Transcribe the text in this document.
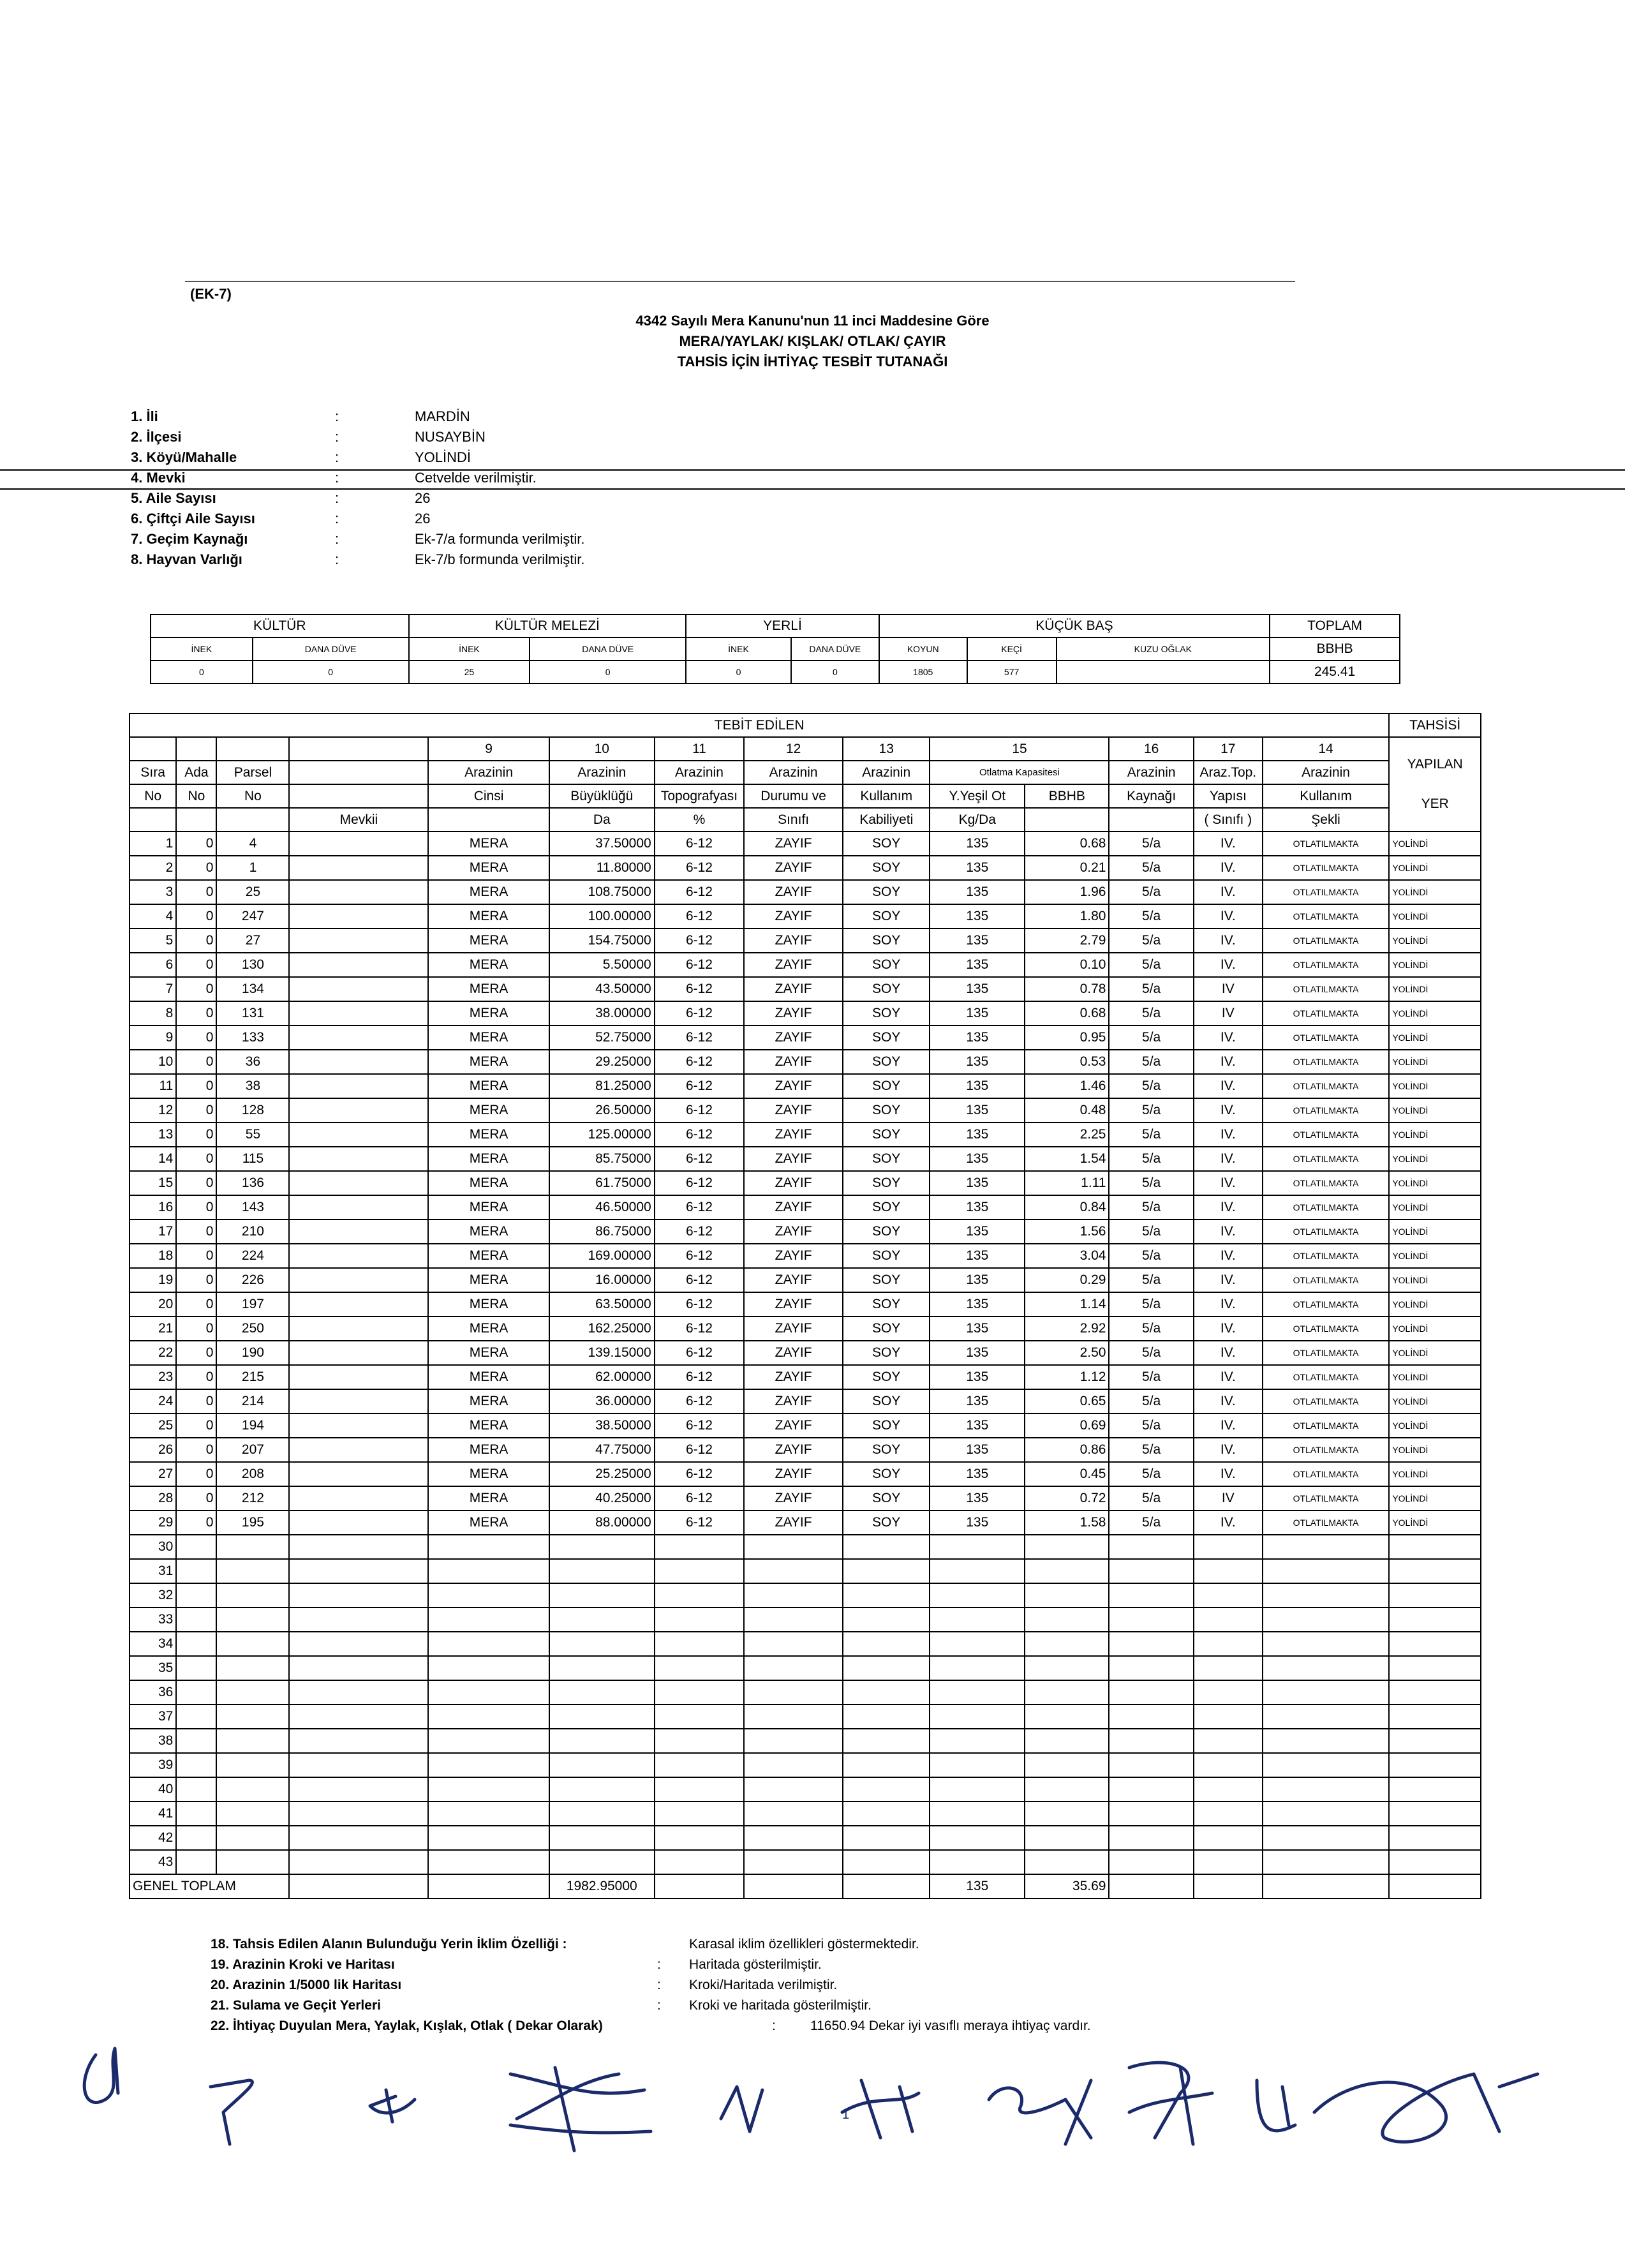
(EK-7)
4342 Sayılı Mera Kanunu'nun 11 inci Maddesine Göre
MERA/YAYLAK/ KIŞLAK/ OTLAK/ ÇAYIR
TAHSİS İÇİN İHTİYAÇ TESBİT TUTANAĞI
1. İli	:	MARDİN
2. İlçesi	:	NUSAYBİN
3. Köyü/Mahalle	:	YOLİNDİ
4. Mevki	:	Cetvelde verilmiştir.
5. Aile Sayısı	:	26
6. Çiftçi Aile Sayısı	:	26
7. Geçim Kaynağı	:	Ek-7/a formunda verilmiştir.
8. Hayvan Varlığı	:	Ek-7/b formunda verilmiştir.
KÜLTÜR		KÜLTÜR MELEZİ		YERLİ		KÜÇÜK BAŞ			TOPLAM
İNEK	DANA DÜVE	İNEK	DANA DÜVE	İNEK	DANA DÜVE	KOYUN	KEÇİ	KUZU OĞLAK	BBHB
0	0	25	0	0	0	1805	577		245.41
TEBİT EDİLEN														TAHSİSİ
				9	10	11	12	13	15		16	17	14	YAPILAN

YER

Sıra	Ada	Parsel		Arazinin	Arazinin	Arazinin	Arazinin	Arazinin	Otlatma Kapasitesi		Arazinin	Araz.Top.	Arazinin	
No	No	No		Cinsi	Büyüklüğü	Topografyası	Durumu ve	Kullanım	Y.Yeşil Ot	BBHB	Kaynağı	Yapısı	Kullanım	
			Mevkii		Da	%	Sınıfı	Kabiliyeti	Kg/Da			( Sınıfı )	Şekli	
1	0	4		MERA	37.50000	6-12	ZAYIF	SOY	135	0.68	5/a	IV.	OTLATILMAKTA	YOLİNDİ
2	0	1		MERA	11.80000	6-12	ZAYIF	SOY	135	0.21	5/a	IV.	OTLATILMAKTA	YOLİNDİ
3	0	25		MERA	108.75000	6-12	ZAYIF	SOY	135	1.96	5/a	IV.	OTLATILMAKTA	YOLİNDİ
4	0	247		MERA	100.00000	6-12	ZAYIF	SOY	135	1.80	5/a	IV.	OTLATILMAKTA	YOLİNDİ
5	0	27		MERA	154.75000	6-12	ZAYIF	SOY	135	2.79	5/a	IV.	OTLATILMAKTA	YOLİNDİ
6	0	130		MERA	5.50000	6-12	ZAYIF	SOY	135	0.10	5/a	IV.	OTLATILMAKTA	YOLİNDİ
7	0	134		MERA	43.50000	6-12	ZAYIF	SOY	135	0.78	5/a	IV	OTLATILMAKTA	YOLİNDİ
8	0	131		MERA	38.00000	6-12	ZAYIF	SOY	135	0.68	5/a	IV	OTLATILMAKTA	YOLİNDİ
9	0	133		MERA	52.75000	6-12	ZAYIF	SOY	135	0.95	5/a	IV.	OTLATILMAKTA	YOLİNDİ
10	0	36		MERA	29.25000	6-12	ZAYIF	SOY	135	0.53	5/a	IV.	OTLATILMAKTA	YOLİNDİ
11	0	38		MERA	81.25000	6-12	ZAYIF	SOY	135	1.46	5/a	IV.	OTLATILMAKTA	YOLİNDİ
12	0	128		MERA	26.50000	6-12	ZAYIF	SOY	135	0.48	5/a	IV.	OTLATILMAKTA	YOLİNDİ
13	0	55		MERA	125.00000	6-12	ZAYIF	SOY	135	2.25	5/a	IV.	OTLATILMAKTA	YOLİNDİ
14	0	115		MERA	85.75000	6-12	ZAYIF	SOY	135	1.54	5/a	IV.	OTLATILMAKTA	YOLİNDİ
15	0	136		MERA	61.75000	6-12	ZAYIF	SOY	135	1.11	5/a	IV.	OTLATILMAKTA	YOLİNDİ
16	0	143		MERA	46.50000	6-12	ZAYIF	SOY	135	0.84	5/a	IV.	OTLATILMAKTA	YOLİNDİ
17	0	210		MERA	86.75000	6-12	ZAYIF	SOY	135	1.56	5/a	IV.	OTLATILMAKTA	YOLİNDİ
18	0	224		MERA	169.00000	6-12	ZAYIF	SOY	135	3.04	5/a	IV.	OTLATILMAKTA	YOLİNDİ
19	0	226		MERA	16.00000	6-12	ZAYIF	SOY	135	0.29	5/a	IV.	OTLATILMAKTA	YOLİNDİ
20	0	197		MERA	63.50000	6-12	ZAYIF	SOY	135	1.14	5/a	IV.	OTLATILMAKTA	YOLİNDİ
21	0	250		MERA	162.25000	6-12	ZAYIF	SOY	135	2.92	5/a	IV.	OTLATILMAKTA	YOLİNDİ
22	0	190		MERA	139.15000	6-12	ZAYIF	SOY	135	2.50	5/a	IV.	OTLATILMAKTA	YOLİNDİ
23	0	215		MERA	62.00000	6-12	ZAYIF	SOY	135	1.12	5/a	IV.	OTLATILMAKTA	YOLİNDİ
24	0	214		MERA	36.00000	6-12	ZAYIF	SOY	135	0.65	5/a	IV.	OTLATILMAKTA	YOLİNDİ
25	0	194		MERA	38.50000	6-12	ZAYIF	SOY	135	0.69	5/a	IV.	OTLATILMAKTA	YOLİNDİ
26	0	207		MERA	47.75000	6-12	ZAYIF	SOY	135	0.86	5/a	IV.	OTLATILMAKTA	YOLİNDİ
27	0	208		MERA	25.25000	6-12	ZAYIF	SOY	135	0.45	5/a	IV.	OTLATILMAKTA	YOLİNDİ
28	0	212		MERA	40.25000	6-12	ZAYIF	SOY	135	0.72	5/a	IV	OTLATILMAKTA	YOLİNDİ
29	0	195		MERA	88.00000	6-12	ZAYIF	SOY	135	1.58	5/a	IV.	OTLATILMAKTA	YOLİNDİ
30														
31														
32														
33														
34														
35														
36														
37														
38														
39														
40														
41														
42														
43														
GENEL TOPLAM					1982.95000				135	35.69				
18. Tahsis Edilen Alanın Bulunduğu Yerin İklim Özelliği :	Karasal iklim özellikleri göstermektedir.
19. Arazinin Kroki ve Haritası	: Haritada gösterilmiştir.
20. Arazinin 1/5000 lik Haritası	: Kroki/Haritada verilmiştir.
21. Sulama ve Geçit Yerleri	: Kroki ve haritada gösterilmiştir.
22. İhtiyaç Duyulan Mera, Yaylak, Kışlak, Otlak ( Dekar Olarak)	:	11650.94 Dekar iyi vasıflı meraya ihtiyaç vardır.
1
